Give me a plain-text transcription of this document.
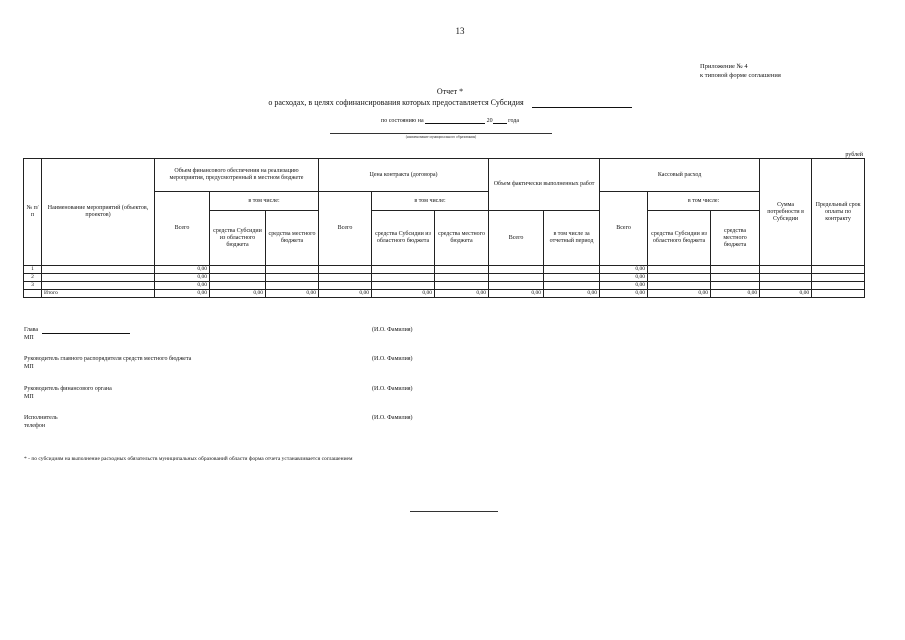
13
Приложение № 4
к типовой форме соглашения
Отчет *
о расходах, в целях софинансирования которых предоставляется Субсидия
по состоянию на	20	года
(наименование муниципального образования)
рублей
№ п/п	Наименование мероприятий (объектов, проектов)	Объем финансового обеспечения на реализацию мероприятия, предусмотренный в местном бюджете			Цена контракта (договора)			Объем фактически выполненных работ		Кассовый расход			Сумма потребности в Субсидии	Предельный срок оплаты по контракту
		Всего	в том числе:		Всего	в том числе:				Всего	в том числе:			
			средства Субсидии из областного бюджета	средства местного бюджета		средства Субсидии из областного бюджета	средства местного бюджета	Всего	в том числе за отчетный период		средства Субсидии из областного бюджета	средства местного бюджета		
1		0,00								0,00				
2		0,00								0,00				
3		0,00								0,00				
	Итого	0,00	0,00	0,00	0,00	0,00	0,00	0,00	0,00	0,00	0,00	0,00	0,00	
Глава
МП
(И.О. Фамилия)
Руководитель главного распорядителя средств местного бюджета
МП
(И.О. Фамилия)
Руководитель финансового органа
МП
(И.О. Фамилия)
Исполнитель
телефон
(И.О. Фамилия)
* - по субсидиям на выполнение расходных обязательств муниципальных образований области форма отчета устанавливается соглашением
